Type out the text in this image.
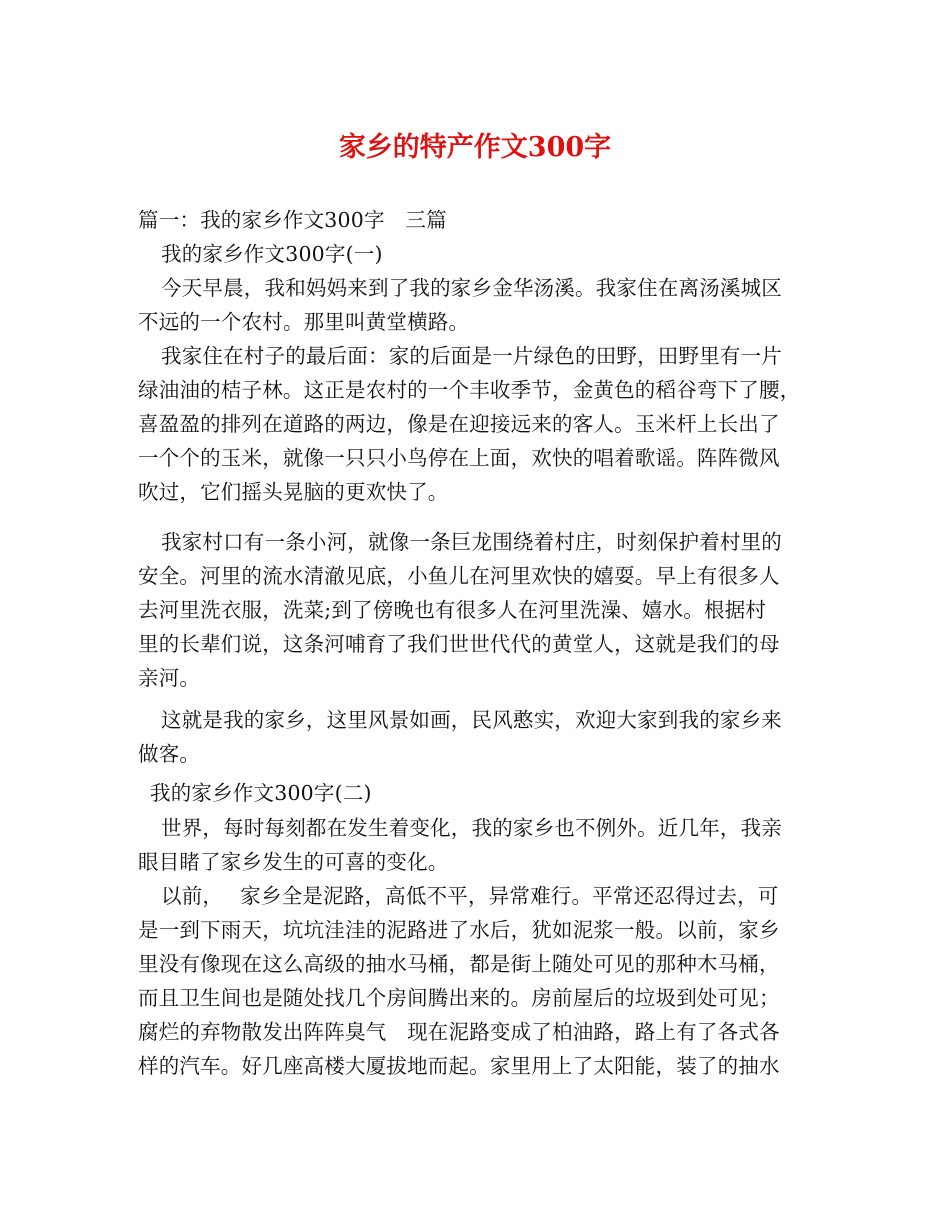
家乡的特产作文300字
篇一：我的家乡作文300字　三篇
我的家乡作文300字(一)
今天早晨，我和妈妈来到了我的家乡金华汤溪。我家住在离汤溪城区
不远的一个农村。那里叫黄堂横路。
我家住在村子的最后面：家的后面是一片绿色的田野，田野里有一片
绿油油的桔子林。这正是农村的一个丰收季节，金黄色的稻谷弯下了腰，
喜盈盈的排列在道路的两边，像是在迎接远来的客人。玉米杆上长出了
一个个的玉米，就像一只只小鸟停在上面，欢快的唱着歌谣。阵阵微风
吹过，它们摇头晃脑的更欢快了。
我家村口有一条小河，就像一条巨龙围绕着村庄，时刻保护着村里的
安全。河里的流水清澈见底，小鱼儿在河里欢快的嬉耍。早上有很多人
去河里洗衣服，洗菜;到了傍晚也有很多人在河里洗澡、嬉水。根据村
里的长辈们说，这条河哺育了我们世世代代的黄堂人，这就是我们的母
亲河。
这就是我的家乡，这里风景如画，民风憨实，欢迎大家到我的家乡来
做客。
我的家乡作文300字(二)
世界，每时每刻都在发生着变化，我的家乡也不例外。近几年，我亲
眼目睹了家乡发生的可喜的变化。
以前，　 家乡全是泥路，高低不平，异常难行。平常还忍得过去，可
是一到下雨天，坑坑洼洼的泥路进了水后，犹如泥浆一般。以前，家乡
里没有像现在这么高级的抽水马桶，都是街上随处可见的那种木马桶，
而且卫生间也是随处找几个房间腾出来的。房前屋后的垃圾到处可见；
腐烂的弃物散发出阵阵臭气　现在泥路变成了柏油路，路上有了各式各
样的汽车。好几座高楼大厦拔地而起。家里用上了太阳能，装了的抽水
